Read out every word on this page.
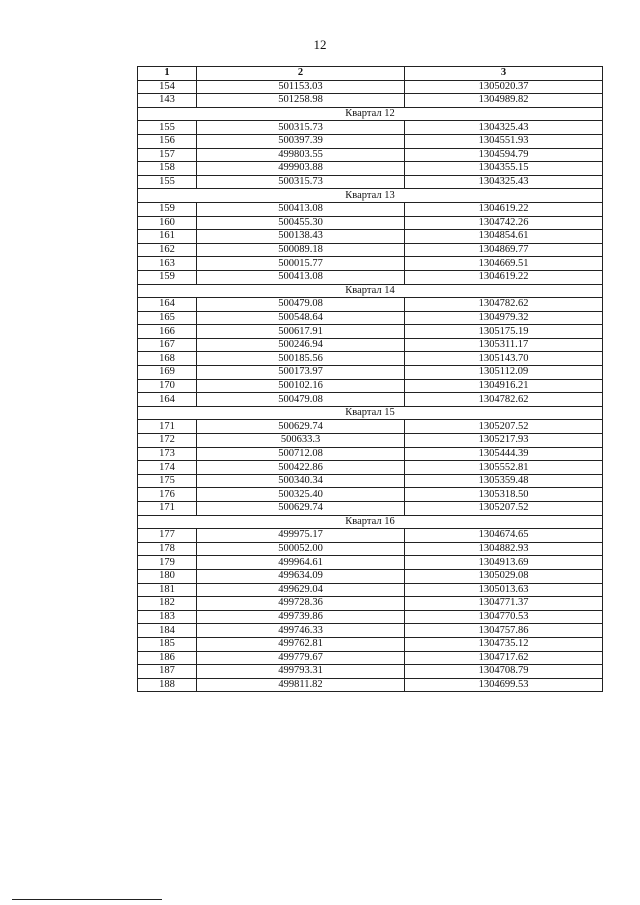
12
1	2	3
154	501153.03	1305020.37
143	501258.98	1304989.82
Квартал 12		
155	500315.73	1304325.43
156	500397.39	1304551.93
157	499803.55	1304594.79
158	499903.88	1304355.15
155	500315.73	1304325.43
Квартал 13		
159	500413.08	1304619.22
160	500455.30	1304742.26
161	500138.43	1304854.61
162	500089.18	1304869.77
163	500015.77	1304669.51
159	500413.08	1304619.22
Квартал 14		
164	500479.08	1304782.62
165	500548.64	1304979.32
166	500617.91	1305175.19
167	500246.94	1305311.17
168	500185.56	1305143.70
169	500173.97	1305112.09
170	500102.16	1304916.21
164	500479.08	1304782.62
Квартал 15		
171	500629.74	1305207.52
172	500633.3	1305217.93
173	500712.08	1305444.39
174	500422.86	1305552.81
175	500340.34	1305359.48
176	500325.40	1305318.50
171	500629.74	1305207.52
Квартал 16		
177	499975.17	1304674.65
178	500052.00	1304882.93
179	499964.61	1304913.69
180	499634.09	1305029.08
181	499629.04	1305013.63
182	499728.36	1304771.37
183	499739.86	1304770.53
184	499746.33	1304757.86
185	499762.81	1304735.12
186	499779.67	1304717.62
187	499793.31	1304708.79
188	499811.82	1304699.53
